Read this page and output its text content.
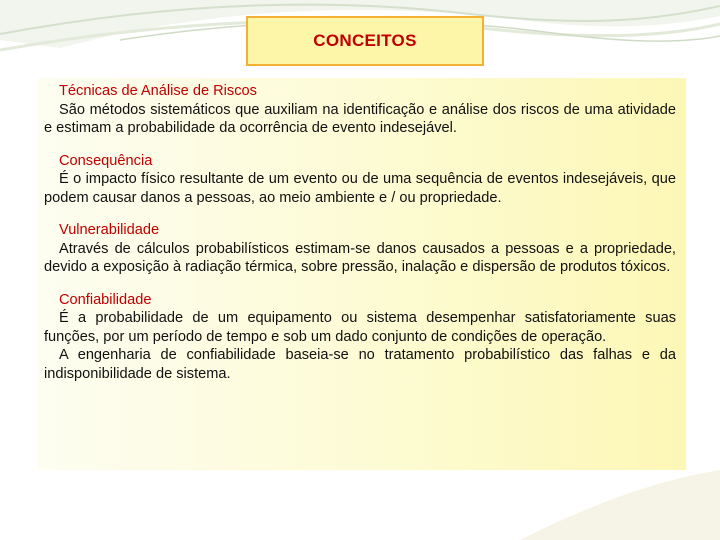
CONCEITOS
Técnicas de Análise de Riscos

São métodos sistemáticos que auxiliam na identificação e análise dos riscos de uma atividade e estimam a probabilidade da ocorrência de evento indesejável.

Consequência

É o impacto físico resultante de um evento ou de uma sequência de eventos indesejáveis, que podem causar danos a pessoas, ao meio ambiente e / ou propriedade.

Vulnerabilidade

Através de cálculos probabilísticos estimam-se danos causados a pessoas e a propriedade, devido a exposição à radiação térmica, sobre pressão, inalação e dispersão de produtos tóxicos.

Confiabilidade

É a probabilidade de um equipamento ou sistema desempenhar satisfatoriamente suas funções, por um período de tempo e sob um dado conjunto de condições de operação.

A engenharia de confiabilidade baseia-se no tratamento probabilístico das falhas e da indisponibilidade de sistema.
